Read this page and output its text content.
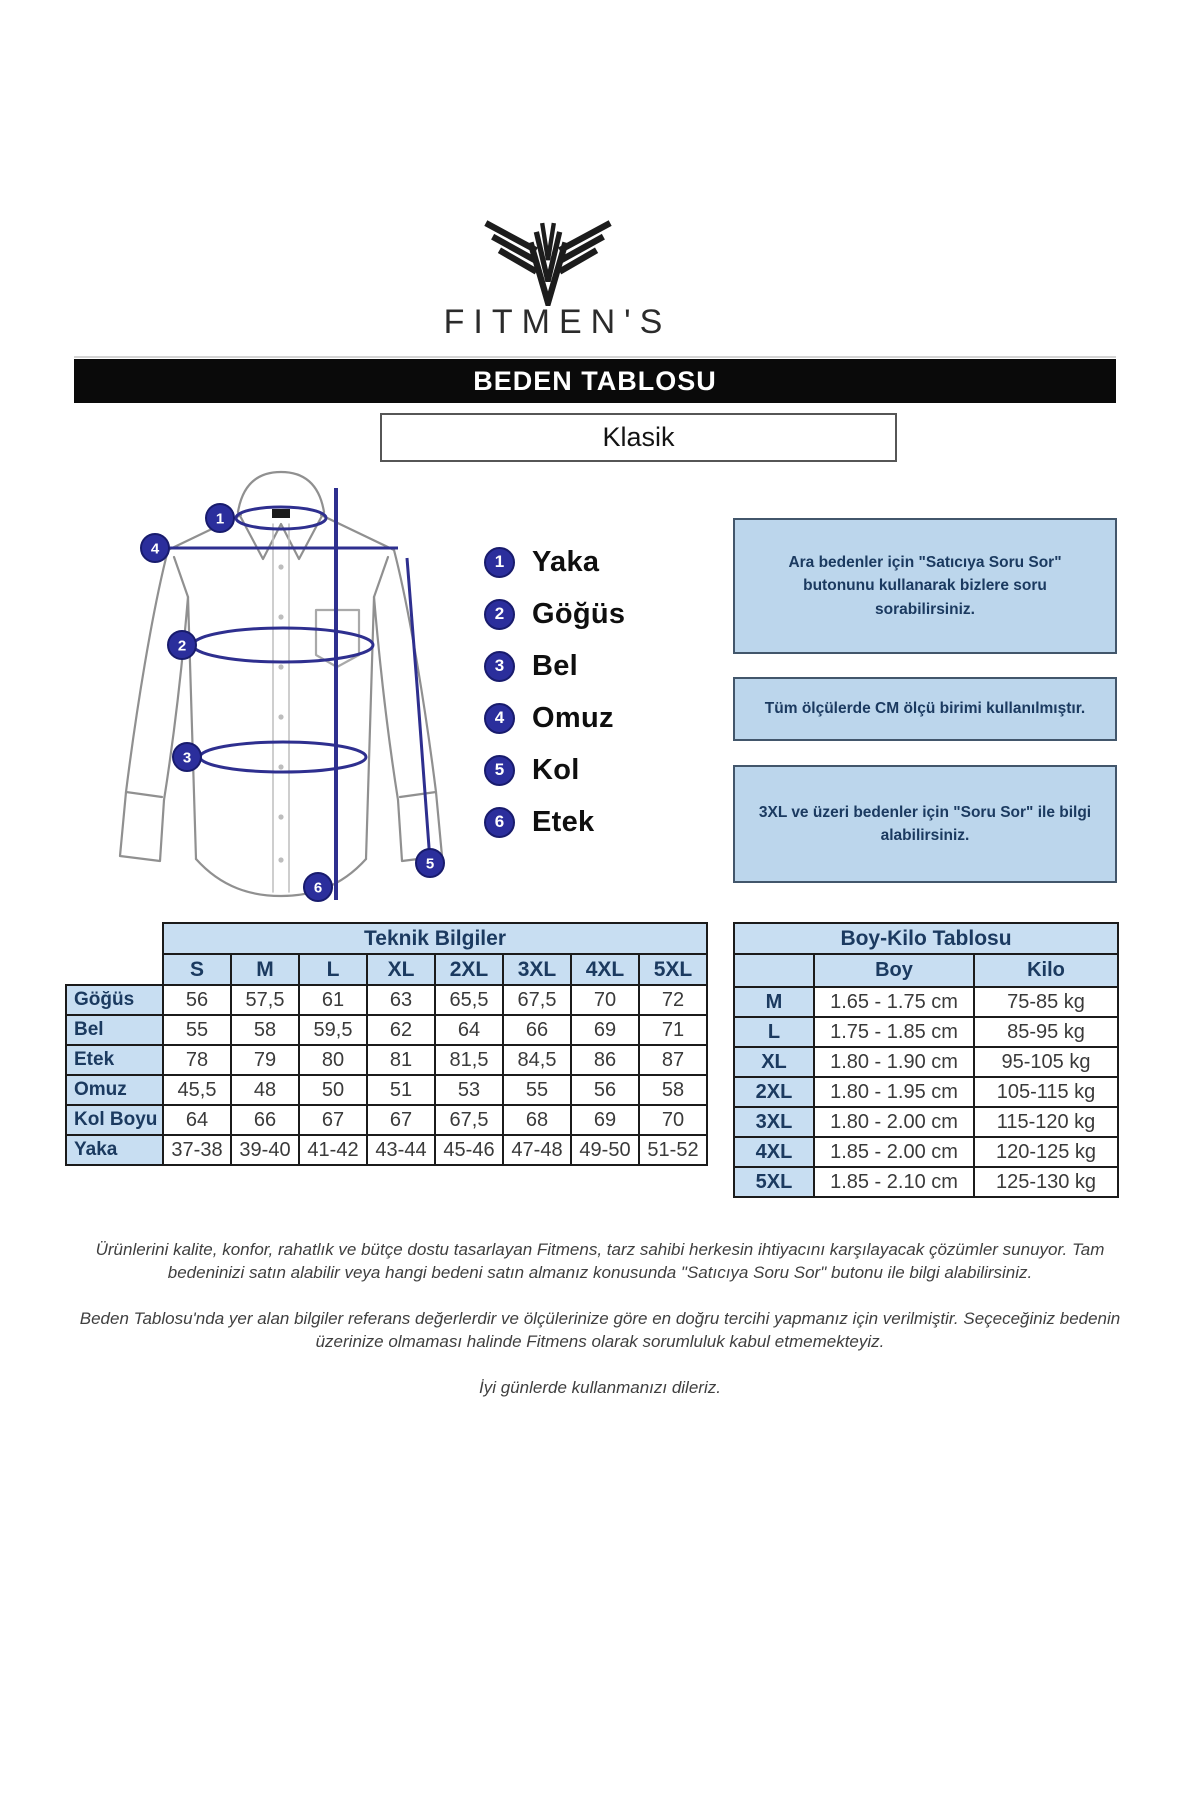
FITMEN'S
BEDEN TABLOSU
Klasik
1
2
3
4
5
6
1 Yaka
2 Göğüs
3 Bel
4 Omuz
5 Kol
6 Etek
Ara bedenler için "Satıcıya Soru Sor" butonunu kullanarak bizlere soru sorabilirsiniz.
Tüm ölçülerde CM ölçü birimi kullanılmıştır.
3XL ve üzeri bedenler için "Soru Sor" ile bilgi alabilirsiniz.
	Teknik Bilgiler							
	S	M	L	XL	2XL	3XL	4XL	5XL
Göğüs	56	57,5	61	63	65,5	67,5	70	72
Bel	55	58	59,5	62	64	66	69	71
Etek	78	79	80	81	81,5	84,5	86	87
Omuz	45,5	48	50	51	53	55	56	58
Kol Boyu	64	66	67	67	67,5	68	69	70
Yaka	37-38	39-40	41-42	43-44	45-46	47-48	49-50	51-52
Boy-Kilo Tablosu		
	Boy	Kilo
M	1.65 - 1.75 cm	75-85 kg
L	1.75 - 1.85 cm	85-95 kg
XL	1.80 - 1.90 cm	95-105 kg
2XL	1.80 - 1.95 cm	105-115 kg
3XL	1.80 - 2.00 cm	115-120 kg
4XL	1.85 - 2.00 cm	120-125 kg
5XL	1.85 - 2.10 cm	125-130 kg

Ürünlerini kalite, konfor, rahatlık ve bütçe dostu tasarlayan Fitmens, tarz sahibi herkesin ihtiyacını karşılayacak çözümler sunuyor. Tam bedeninizi satın alabilir veya hangi bedeni satın almanız konusunda "Satıcıya Soru Sor" butonu ile bilgi alabilirsiniz.

Beden Tablosu'nda yer alan bilgiler referans değerlerdir ve ölçülerinize göre en doğru tercihi yapmanız için verilmiştir. Seçeceğiniz bedenin üzerinize olmaması halinde Fitmens olarak sorumluluk kabul etmemekteyiz.

İyi günlerde kullanmanızı dileriz.
